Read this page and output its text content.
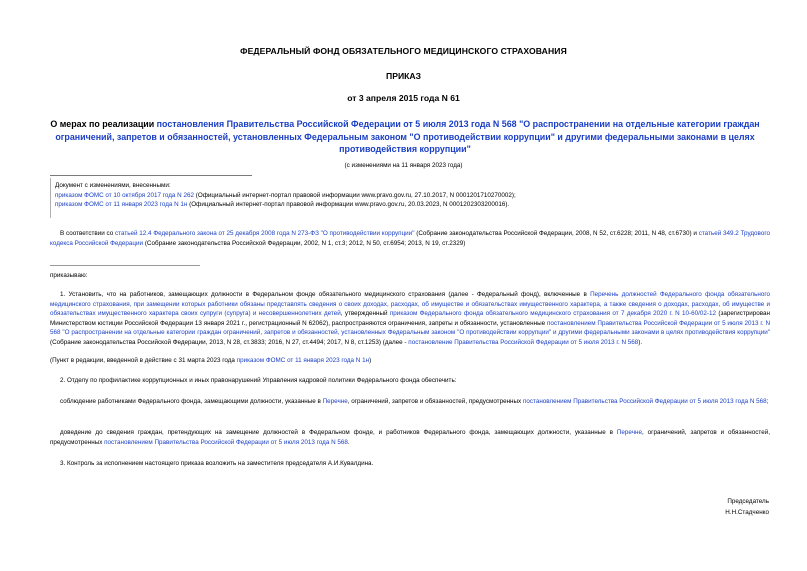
ФЕДЕРАЛЬНЫЙ ФОНД ОБЯЗАТЕЛЬНОГО МЕДИЦИНСКОГО СТРАХОВАНИЯ
ПРИКАЗ
от 3 апреля 2015 года N 61
О мерах по реализации постановления Правительства Российской Федерации от 5 июля 2013 года N 568 "О распространении на отдельные категории граждан ограничений, запретов и обязанностей, установленных Федеральным законом "О противодействии коррупции" и другими федеральными законами в целях противодействия коррупции"
(с изменениями на 11 января 2023 года)
Документ с изменениями, внесенными:
приказом ФОМС от 10 октября 2017 года N 262 (Официальный интернет-портал правовой информации www.pravo.gov.ru, 27.10.2017, N 0001201710270002);
приказом ФОМС от 11 января 2023 года N 1н (Официальный интернет-портал правовой информации www.pravo.gov.ru, 20.03.2023, N 0001202303200016).
В соответствии со статьей 12.4 Федерального закона от 25 декабря 2008 года N 273-ФЗ "О противодействии коррупции" (Собрание законодательства Российской Федерации, 2008, N 52, ст.6228; 2011, N 48, ст.6730) и статьей 349.2 Трудового кодекса Российской Федерации (Собрание законодательства Российской Федерации, 2002, N 1, ст.3; 2012, N 50, ст.6954; 2013, N 19, ст.2329)
приказываю:
1. Установить, что на работников, замещающих должности в Федеральном фонде обязательного медицинского страхования (далее - Федеральный фонд), включенные в Перечень должностей Федерального фонда обязательного медицинского страхования, при замещении которых работники обязаны представлять сведения о своих доходах, расходах, об имуществе и обязательствах имущественного характера, а также сведения о доходах, расходах, об имуществе и обязательствах имущественного характера своих супруги (супруга) и несовершеннолетних детей, утвержденный приказом Федерального фонда обязательного медицинского страхования от 7 декабря 2020 г. N 10-60/02-12 (зарегистрирован Министерством юстиции Российской Федерации 13 января 2021 г., регистрационный N 62062), распространяются ограничения, запреты и обязанности, установленные постановлением Правительства Российской Федерации от 5 июля 2013 г. N 568 "О распространении на отдельные категории граждан ограничений, запретов и обязанностей, установленных Федеральным законом "О противодействии коррупции" и другими федеральными законами в целях противодействия коррупции" (Собрание законодательства Российской Федерации, 2013, N 28, ст.3833; 2016, N 27, ст.4494; 2017, N 8, ст.1253) (далее - постановление Правительства Российской Федерации от 5 июля 2013 г. N 568).
(Пункт в редакции, введенной в действие с 31 марта 2023 года приказом ФОМС от 11 января 2023 года N 1н)
2. Отделу по профилактике коррупционных и иных правонарушений Управления кадровой политики Федерального фонда обеспечить:
соблюдение работниками Федерального фонда, замещающими должности, указанные в Перечне, ограничений, запретов и обязанностей, предусмотренных постановлением Правительства Российской Федерации от 5 июля 2013 года N 568;
доведение до сведения граждан, претендующих на замещение должностей в Федеральном фонде, и работников Федерального фонда, замещающих должности, указанные в Перечне, ограничений, запретов и обязанностей, предусмотренных постановлением Правительства Российской Федерации от 5 июля 2013 года N 568.
3. Контроль за исполнением настоящего приказа возложить на заместителя председателя А.И.Кувалдина.
Председатель
Н.Н.Стадченко
